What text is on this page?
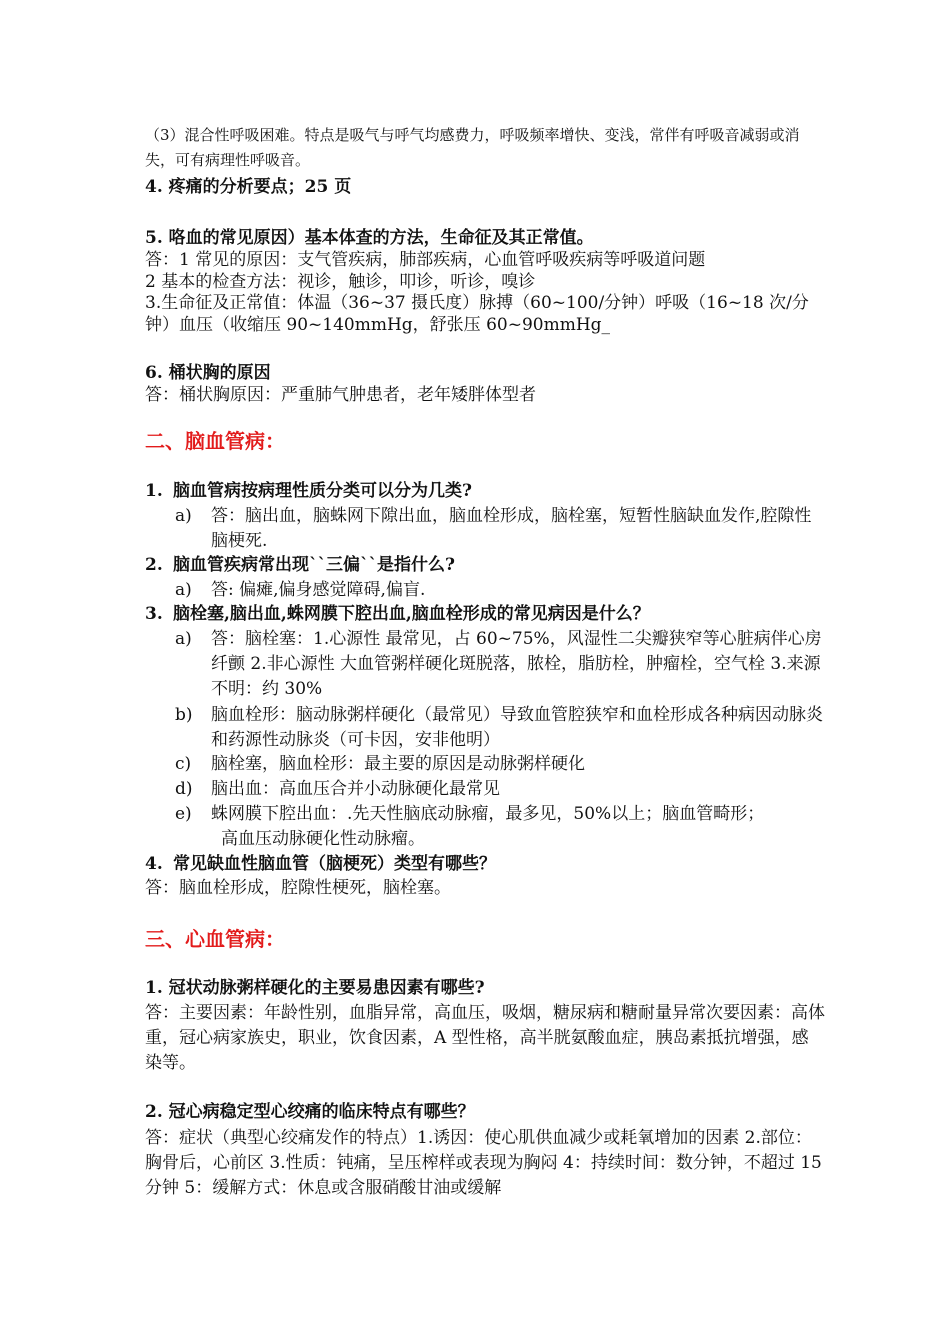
（3）混合性呼吸困难。特点是吸气与呼气均感费力，呼吸频率增快、变浅，常伴有呼吸音减弱或消失，可有病理性呼吸音。
4. 疼痛的分析要点；25 页
5. 咯血的常见原因）基本体查的方法，生命征及其正常值。
答：1 常见的原因：支气管疾病，肺部疾病，心血管呼吸疾病等呼吸道问题
2 基本的检查方法：视诊，触诊，叩诊，听诊，嗅诊
3.生命征及正常值：体温（36~37 摄氏度）脉搏（60~100/分钟）呼吸（16~18 次/分钟）血压（收缩压 90~140mmHg，舒张压 60~90mmHg_
6. 桶状胸的原因
答：桶状胸原因：严重肺气肿患者，老年矮胖体型者
二、脑血管病：
1. 脑血管病按病理性质分类可以分为几类?
a)	答：脑出血，脑蛛网下隙出血，脑血栓形成，脑栓塞，短暂性脑缺血发作,腔隙性脑梗死.
2. 脑血管疾病常出现``三偏``是指什么?
a)	答: 偏瘫,偏身感觉障碍,偏盲.
3. 脑栓塞,脑出血,蛛网膜下腔出血,脑血栓形成的常见病因是什么？
a)	答：脑栓塞：1.心源性 最常见，占 60~75%，风湿性二尖瓣狭窄等心脏病伴心房纤颤 2.非心源性 大血管粥样硬化斑脱落，脓栓，脂肪栓，肿瘤栓，空气栓 3.来源不明：约 30%
b)	脑血栓形：脑动脉粥样硬化（最常见）导致血管腔狭窄和血栓形成各种病因动脉炎和药源性动脉炎（可卡因，安非他明）
c)	脑栓塞，脑血栓形：最主要的原因是动脉粥样硬化
d)	脑出血：高血压合并小动脉硬化最常见
e)	蛛网膜下腔出血：.先天性脑底动脉瘤，最多见，50%以上；脑血管畸形；
高血压动脉硬化性动脉瘤。
4. 常见缺血性脑血管（脑梗死）类型有哪些？
答：脑血栓形成，腔隙性梗死，脑栓塞。
三、心血管病：
1. 冠状动脉粥样硬化的主要易患因素有哪些?
答：主要因素：年龄性别，血脂异常，高血压，吸烟，糖尿病和糖耐量异常次要因素：高体重，冠心病家族史，职业，饮食因素，A 型性格，高半胱氨酸血症，胰岛素抵抗增强，感染等。
2. 冠心病稳定型心绞痛的临床特点有哪些？
答：症状（典型心绞痛发作的特点）1.诱因：使心肌供血减少或耗氧增加的因素 2.部位：胸骨后，心前区 3.性质：钝痛，呈压榨样或表现为胸闷 4：持续时间：数分钟，不超过 15 分钟 5：缓解方式：休息或含服硝酸甘油或缓解
